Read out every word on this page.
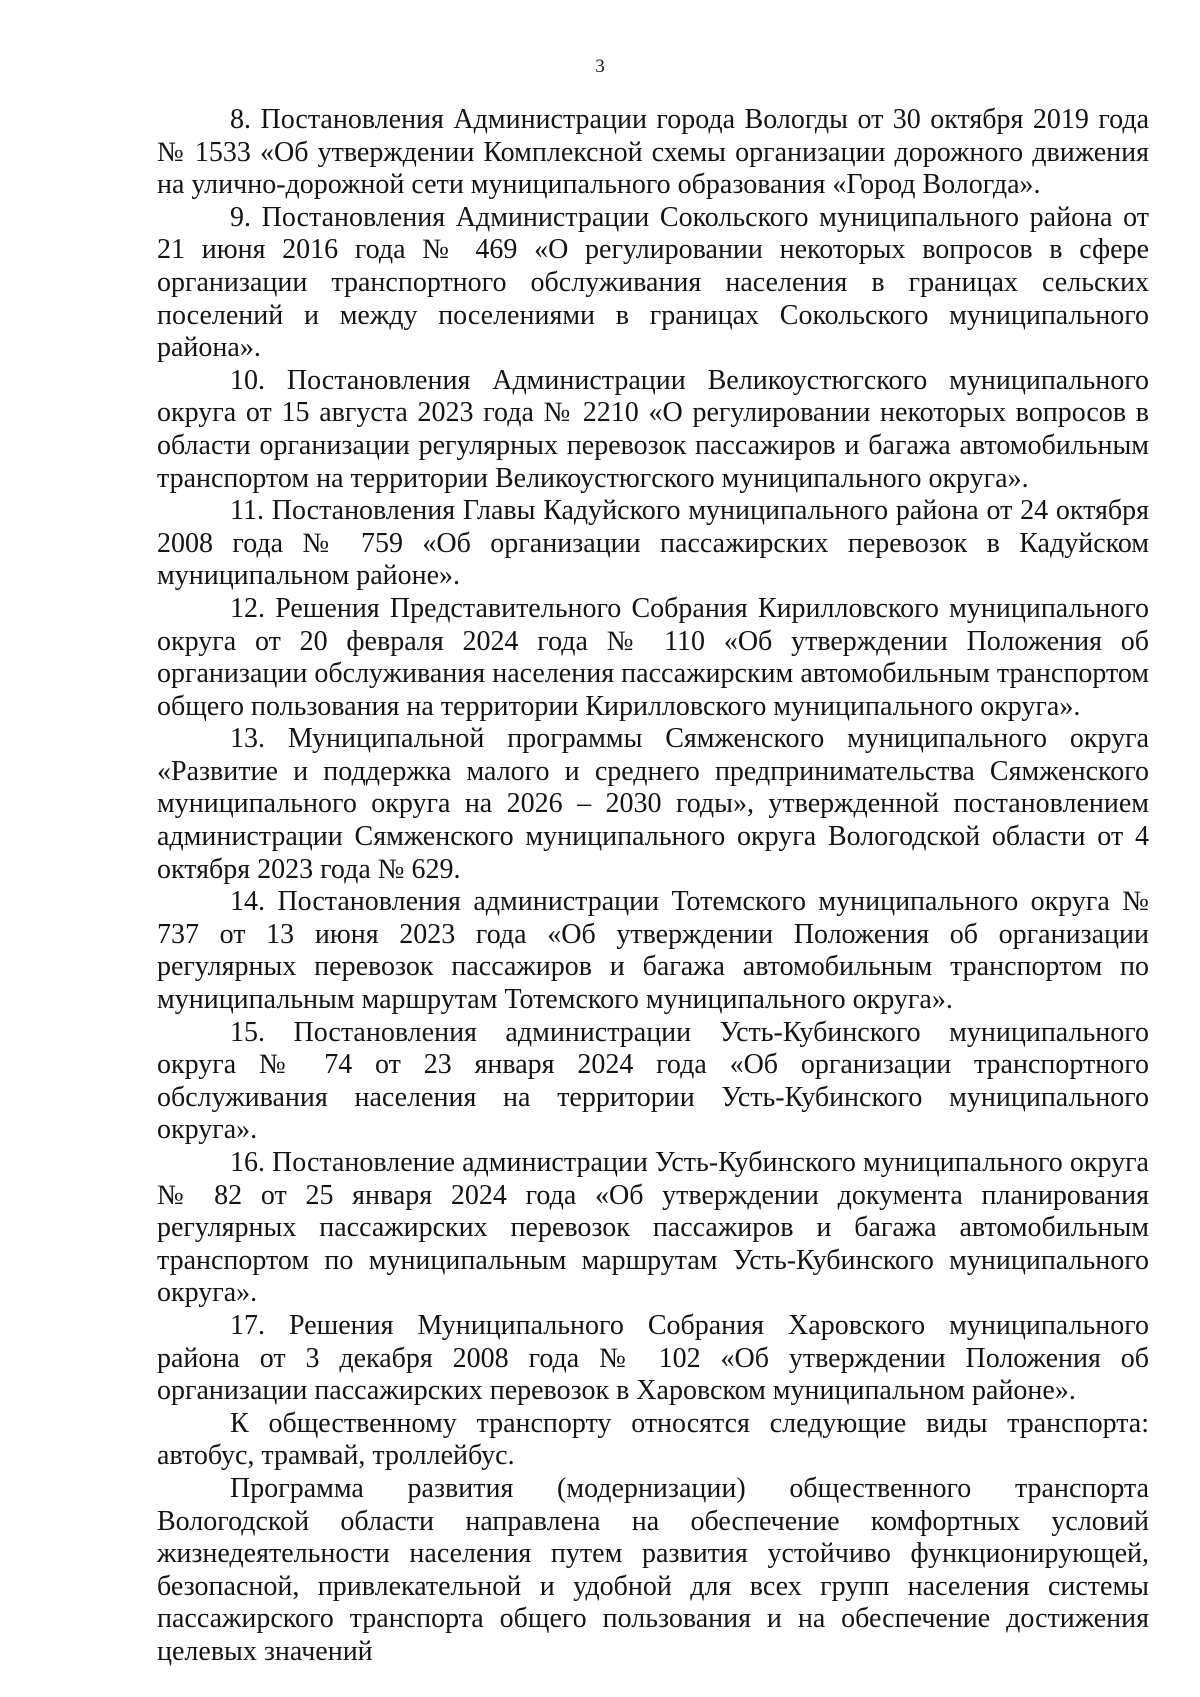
3

8. Постановления Администрации города Вологды от 30 октября 2019 года № 1533 «Об утверждении Комплексной схемы организации дорожного движения на улично-дорожной сети муниципального образования «Город Вологда».

9. Постановления Администрации Сокольского муниципального района от 21 июня 2016 года № 469 «О регулировании некоторых вопросов в сфере организации транспортного обслуживания населения в границах сельских поселений и между поселениями в границах Сокольского муниципального района».

10. Постановления Администрации Великоустюгского муниципального округа от 15 августа 2023 года № 2210 «О регулировании некоторых вопросов в области организации регулярных перевозок пассажиров и багажа автомобильным транспортом на территории Великоустюгского муниципального округа».

11. Постановления Главы Кадуйского муниципального района от 24 октября 2008 года № 759 «Об организации пассажирских перевозок в Кадуйском муниципальном районе».

12. Решения Представительного Собрания Кирилловского муниципального округа от 20 февраля 2024 года № 110 «Об утверждении Положения об организации обслуживания населения пассажирским автомобильным транспортом общего пользования на территории Кирилловского муниципального округа».

13. Муниципальной программы Сямженского муниципального округа «Развитие и поддержка малого и среднего предпринимательства Сямженского муниципального округа на 2026 – 2030 годы», утвержденной постановлением администрации Сямженского муниципального округа Вологодской области от 4 октября 2023 года № 629.

14. Постановления администрации Тотемского муниципального округа № 737 от 13 июня 2023 года «Об утверждении Положения об организации регулярных перевозок пассажиров и багажа автомобильным транспортом по муниципальным маршрутам Тотемского муниципального округа».

15. Постановления администрации Усть-Кубинского муниципального округа № 74 от 23 января 2024 года «Об организации транспортного обслуживания населения на территории Усть-Кубинского муниципального округа».

16. Постановление администрации Усть-Кубинского муниципального округа № 82 от 25 января 2024 года «Об утверждении документа планирования регулярных пассажирских перевозок пассажиров и багажа автомобильным транспортом по муниципальным маршрутам Усть-Кубинского муниципального округа».

17. Решения Муниципального Собрания Харовского муниципального района от 3 декабря 2008 года № 102 «Об утверждении Положения об организации пассажирских перевозок в Харовском муниципальном районе».

К общественному транспорту относятся следующие виды транспорта: автобус, трамвай, троллейбус.

Программа развития (модернизации) общественного транспорта Вологодской области направлена на обеспечение комфортных условий жизнедеятельности населения путем развития устойчиво функционирующей, безопасной, привлекательной и удобной для всех групп населения системы пассажирского транспорта общего пользования и на обеспечение достижения целевых значений
